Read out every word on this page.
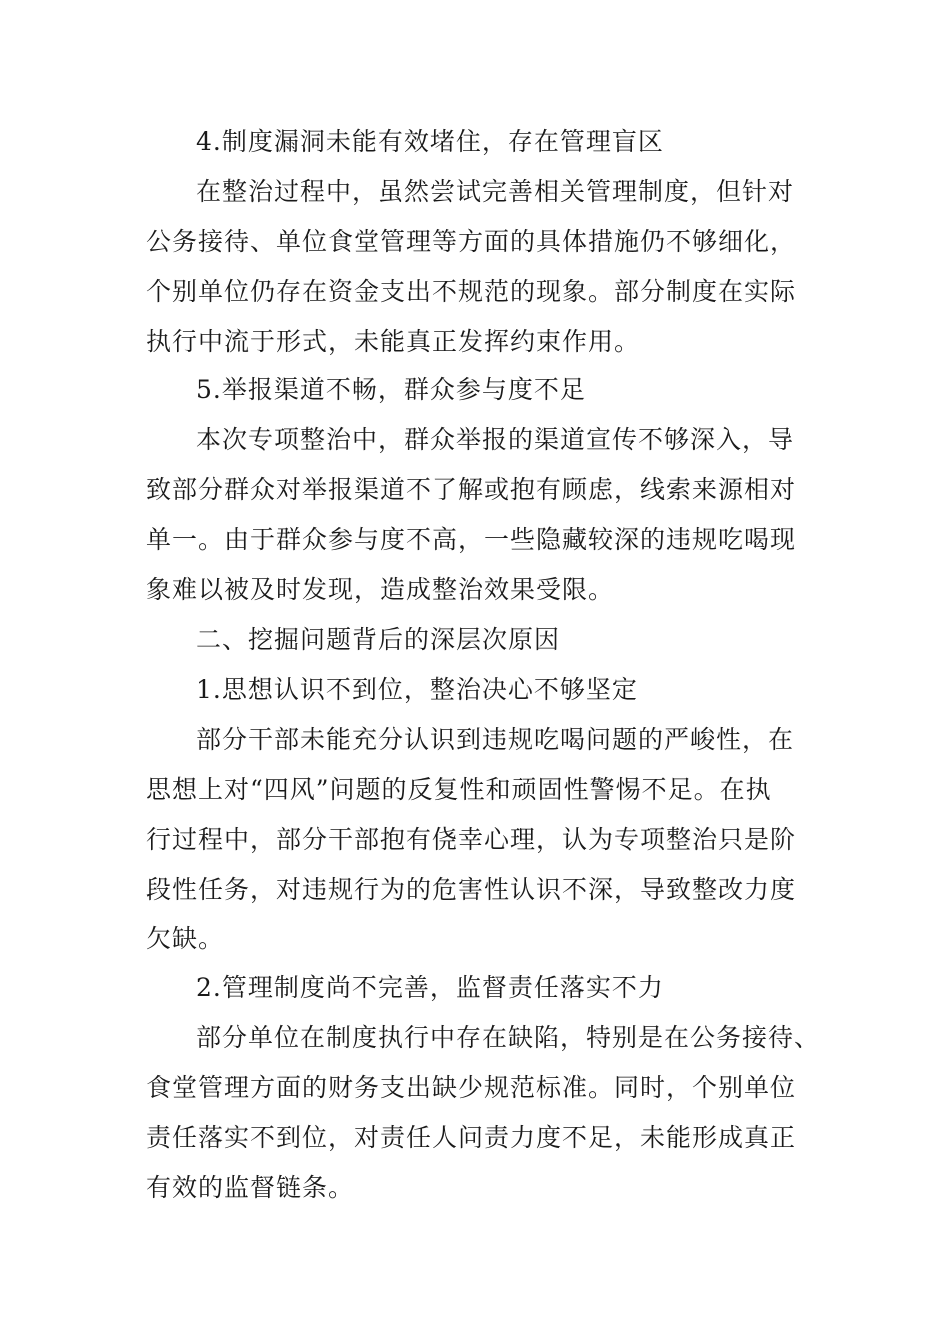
4.制度漏洞未能有效堵住，存在管理盲区
在整治过程中，虽然尝试完善相关管理制度，但针对
公务接待、单位食堂管理等方面的具体措施仍不够细化，
个别单位仍存在资金支出不规范的现象。部分制度在实际
执行中流于形式，未能真正发挥约束作用。
5.举报渠道不畅，群众参与度不足
本次专项整治中，群众举报的渠道宣传不够深入，导
致部分群众对举报渠道不了解或抱有顾虑，线索来源相对
单一。由于群众参与度不高，一些隐藏较深的违规吃喝现
象难以被及时发现，造成整治效果受限。
二、挖掘问题背后的深层次原因
1.思想认识不到位，整治决心不够坚定
部分干部未能充分认识到违规吃喝问题的严峻性，在
思想上对“四风”问题的反复性和顽固性警惕不足。在执
行过程中，部分干部抱有侥幸心理，认为专项整治只是阶
段性任务，对违规行为的危害性认识不深，导致整改力度
欠缺。
2.管理制度尚不完善，监督责任落实不力
部分单位在制度执行中存在缺陷，特别是在公务接待、
食堂管理方面的财务支出缺少规范标准。同时，个别单位
责任落实不到位，对责任人问责力度不足，未能形成真正
有效的监督链条。
